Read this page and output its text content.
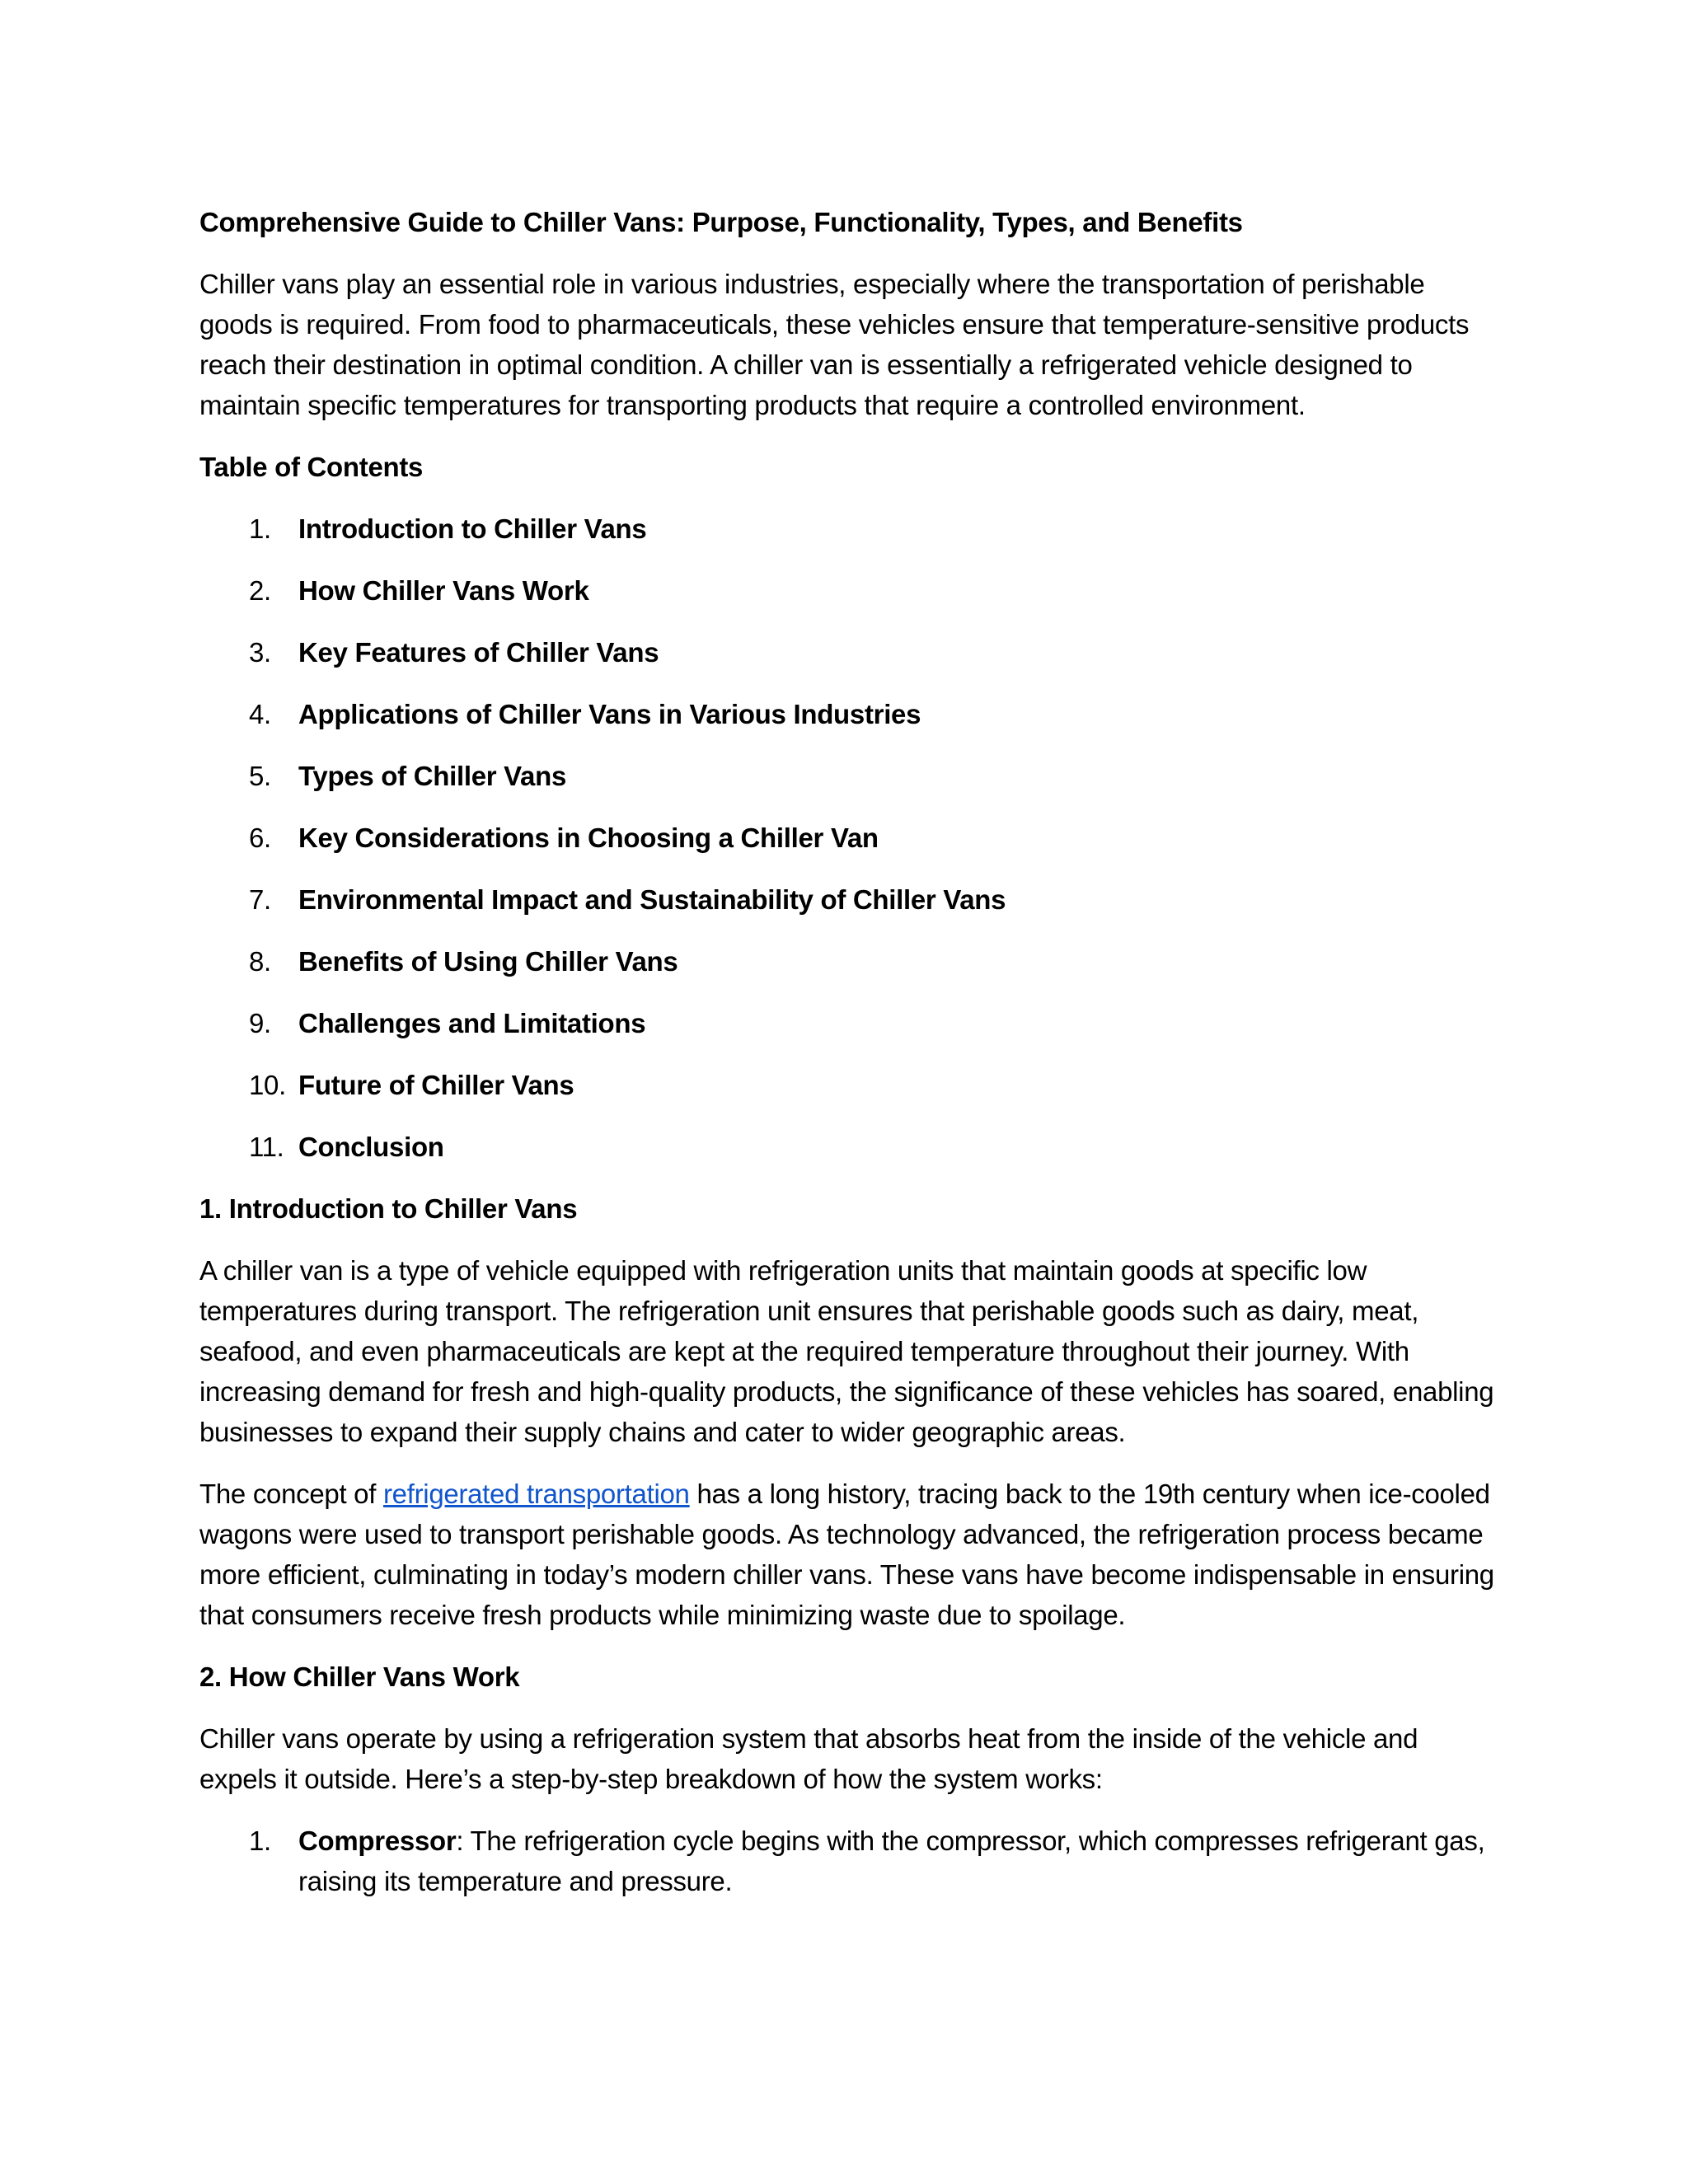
Comprehensive Guide to Chiller Vans: Purpose, Functionality, Types, and Benefits

Chiller vans play an essential role in various industries, especially where the transportation of perishable goods is required. From food to pharmaceuticals, these vehicles ensure that temperature-sensitive products reach their destination in optimal condition. A chiller van is essentially a refrigerated vehicle designed to maintain specific temperatures for transporting products that require a controlled environment.

Table of Contents
1. Introduction to Chiller Vans
2. How Chiller Vans Work
3. Key Features of Chiller Vans
4. Applications of Chiller Vans in Various Industries
5. Types of Chiller Vans
6. Key Considerations in Choosing a Chiller Van
7. Environmental Impact and Sustainability of Chiller Vans
8. Benefits of Using Chiller Vans
9. Challenges and Limitations
10. Future of Chiller Vans
11. Conclusion
1. Introduction to Chiller Vans

A chiller van is a type of vehicle equipped with refrigeration units that maintain goods at specific low temperatures during transport. The refrigeration unit ensures that perishable goods such as dairy, meat, seafood, and even pharmaceuticals are kept at the required temperature throughout their journey. With increasing demand for fresh and high-quality products, the significance of these vehicles has soared, enabling businesses to expand their supply chains and cater to wider geographic areas.

The concept of refrigerated transportation has a long history, tracing back to the 19th century when ice-cooled wagons were used to transport perishable goods. As technology advanced, the refrigeration process became more efficient, culminating in today’s modern chiller vans. These vans have become indispensable in ensuring that consumers receive fresh products while minimizing waste due to spoilage.

2. How Chiller Vans Work

Chiller vans operate by using a refrigeration system that absorbs heat from the inside of the vehicle and expels it outside. Here’s a step-by-step breakdown of how the system works:

1. Compressor: The refrigeration cycle begins with the compressor, which compresses refrigerant gas, raising its temperature and pressure.
